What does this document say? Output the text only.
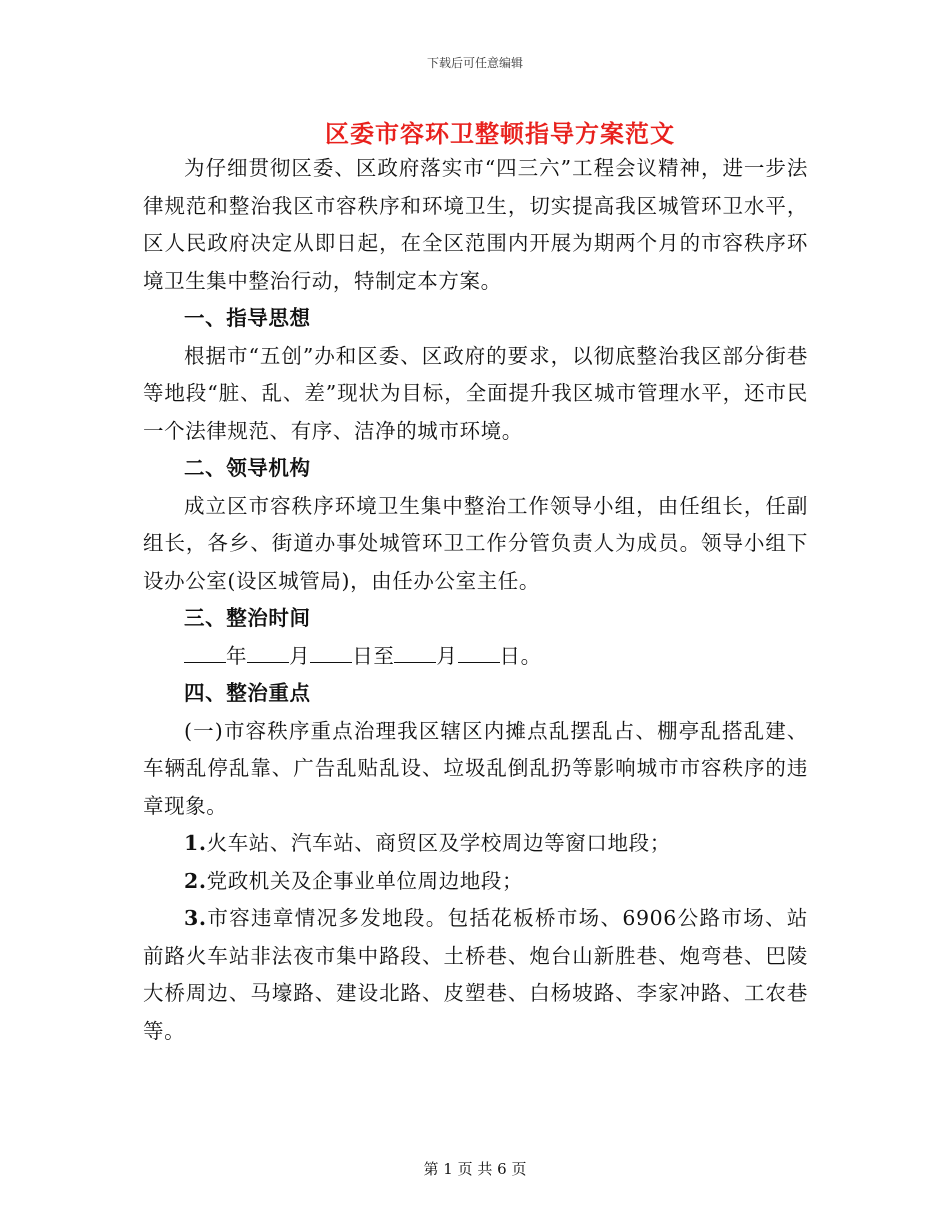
下载后可任意编辑
区委市容环卫整顿指导方案范文

为仔细贯彻区委、区政府落实市“四三六”工程会议精神，进一步法律规范和整治我区市容秩序和环境卫生，切实提高我区城管环卫水平，区人民政府决定从即日起，在全区范围内开展为期两个月的市容秩序环境卫生集中整治行动，特制定本方案。

一、指导思想

根据市“五创”办和区委、区政府的要求，以彻底整治我区部分街巷等地段“脏、乱、差”现状为目标，全面提升我区城市管理水平，还市民一个法律规范、有序、洁净的城市环境。

二、领导机构

成立区市容秩序环境卫生集中整治工作领导小组，由任组长，任副组长，各乡、街道办事处城管环卫工作分管负责人为成员。领导小组下设办公室(设区城管局)，由任办公室主任。

三、整治时间

年 月 日至 月 日。

四、整治重点

(一)市容秩序重点治理我区辖区内摊点乱摆乱占、棚亭乱搭乱建、车辆乱停乱靠、广告乱贴乱设、垃圾乱倒乱扔等影响城市市容秩序的违章现象。

1.火车站、汽车站、商贸区及学校周边等窗口地段；

2.党政机关及企事业单位周边地段；

3.市容违章情况多发地段。包括花板桥市场、6906公路市场、站前路火车站非法夜市集中路段、土桥巷、炮台山新胜巷、炮弯巷、巴陵大桥周边、马壕路、建设北路、皮塑巷、白杨坡路、李家冲路、工农巷等。

第 1 页 共 6 页
